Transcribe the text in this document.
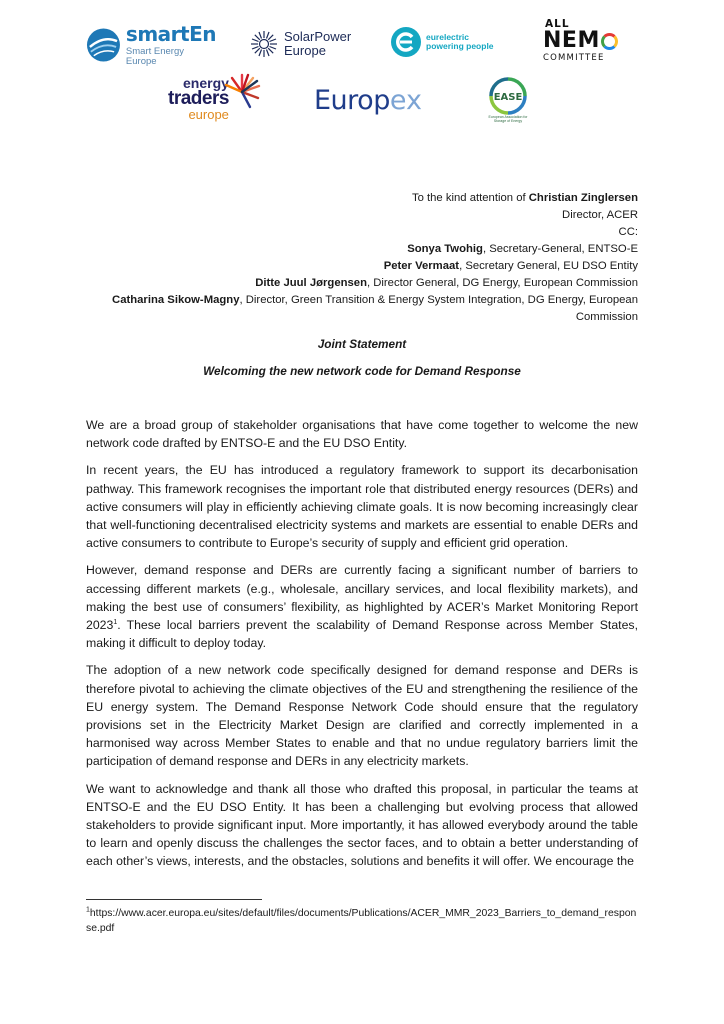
smartEn
Smart Energy Europe
SolarPower
Europe
eurelectric
powering people
ALL
NEM
COMMITTEE
energy
traders
europe	Europ ex	EASE
European Association for Storage of Energy

To the kind attention of Christian Zinglersen

Director, ACER

CC:

Sonya Twohig, Secretary-General, ENTSO-E

Peter Vermaat, Secretary General, EU DSO Entity

Ditte Juul Jørgensen, Director General, DG Energy, European Commission

Catharina Sikow-Magny, Director, Green Transition & Energy System Integration, DG Energy, European Commission

Joint Statement
Welcoming the new network code for Demand Response

We are a broad group of stakeholder organisations that have come together to welcome the new network code drafted by ENTSO-E and the EU DSO Entity.

In recent years, the EU has introduced a regulatory framework to support its decarbonisation pathway. This framework recognises the important role that distributed energy resources (DERs) and active consumers will play in efficiently achieving climate goals. It is now becoming increasingly clear that well-functioning decentralised electricity systems and markets are essential to enable DERs and active consumers to contribute to Europe’s security of supply and efficient grid operation.

However, demand response and DERs are currently facing a significant number of barriers to accessing different markets (e.g., wholesale, ancillary services, and local flexibility markets), and making the best use of consumers’ flexibility, as highlighted by ACER’s Market Monitoring Report 2023$^1$. These local barriers prevent the scalability of Demand Response across Member States, making it difficult to deploy today.

The adoption of a new network code specifically designed for demand response and DERs is therefore pivotal to achieving the climate objectives of the EU and strengthening the resilience of the EU energy system. The Demand Response Network Code should ensure that the regulatory provisions set in the Electricity Market Design are clarified and correctly implemented in a harmonised way across Member States to enable and that no undue regulatory barriers limit the participation of demand response and DERs in any electricity markets.

We want to acknowledge and thank all those who drafted this proposal, in particular the teams at ENTSO-E and the EU DSO Entity. It has been a challenging but evolving process that allowed stakeholders to provide significant input. More importantly, it has allowed everybody around the table to learn and openly discuss the challenges the sector faces, and to obtain a better understanding of each other’s views, interests, and the obstacles, solutions and benefits it will offer. We encourage the

$^1$https://www.acer.europa.eu/sites/default/files/documents/Publications/ACER_MMR_2023_Barriers_to_demand_response.pdf
